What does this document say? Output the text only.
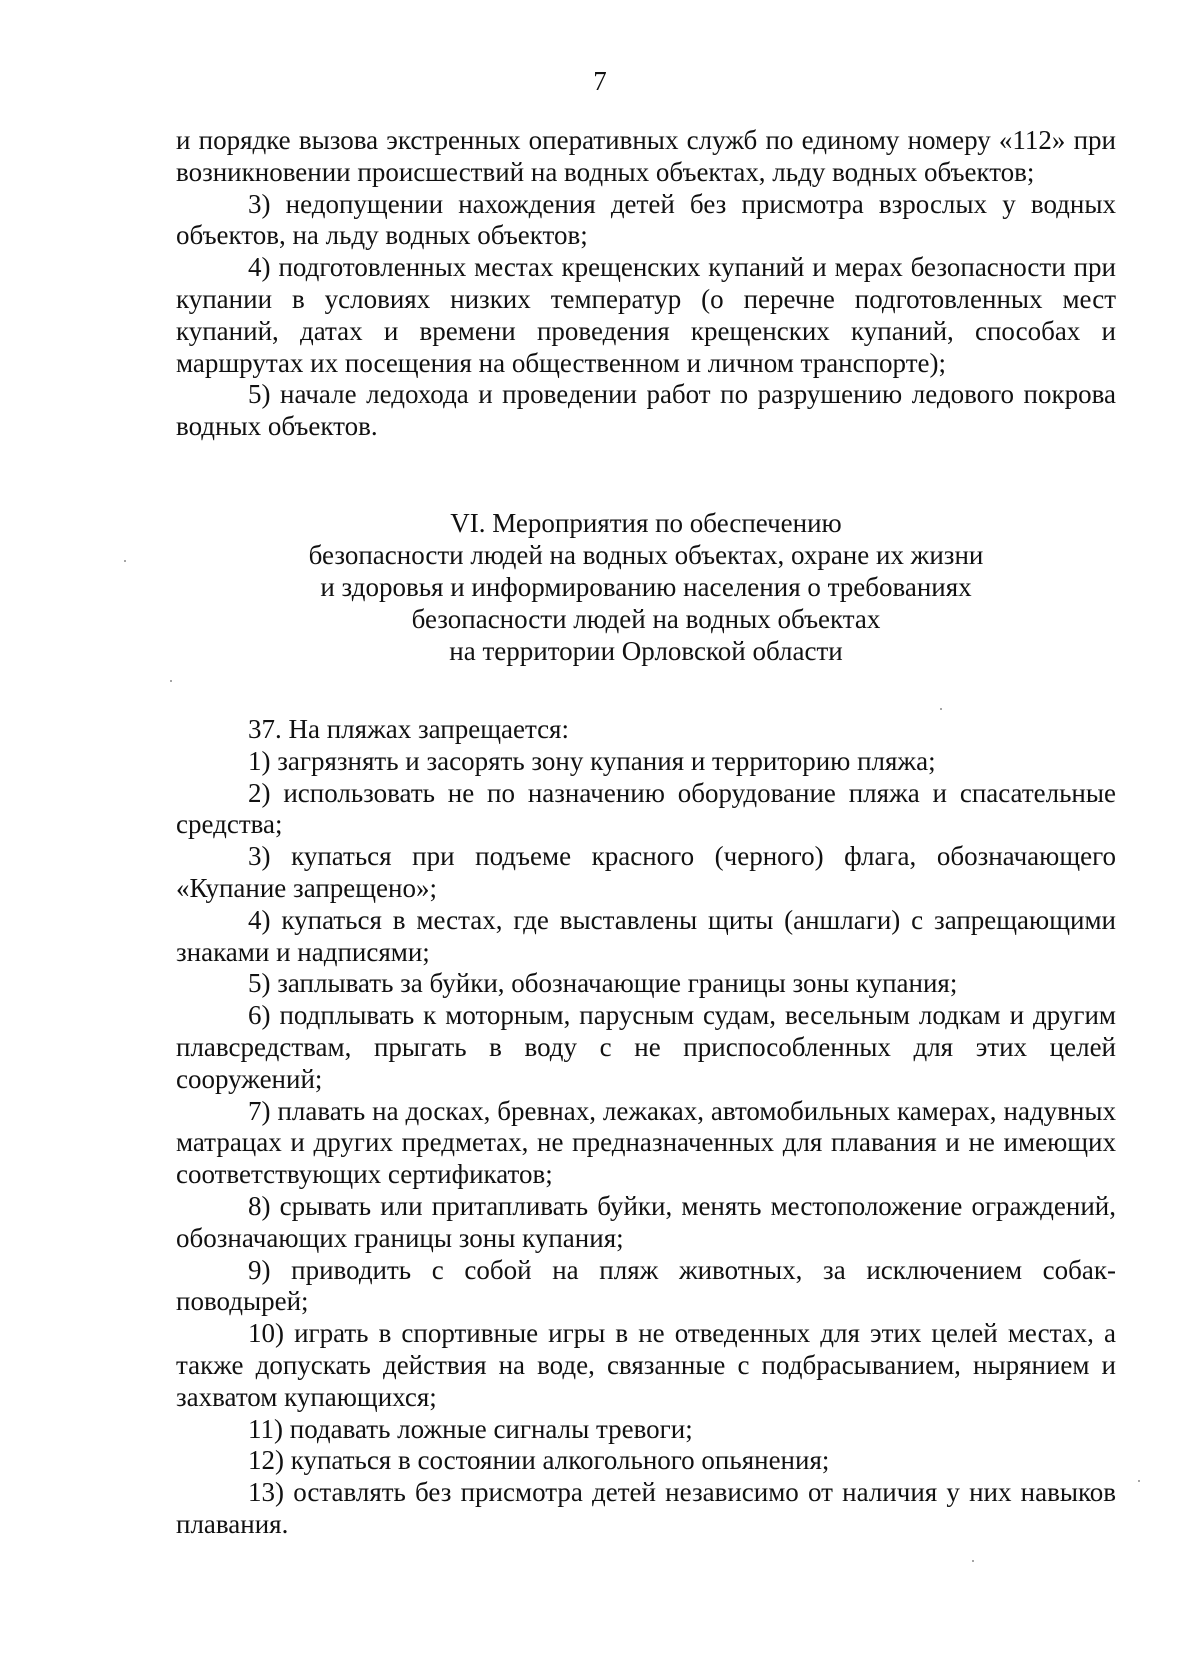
7

и порядке вызова экстренных оперативных служб по единому номеру «112» при возникновении происшествий на водных объектах, льду водных объектов;

3) недопущении нахождения детей без присмотра взрослых у водных объектов, на льду водных объектов;

4) подготовленных местах крещенских купаний и мерах безопасности при купании в условиях низких температур (о перечне подготовленных мест купаний, датах и времени проведения крещенских купаний, способах и маршрутах их посещения на общественном и личном транспорте);

5) начале ледохода и проведении работ по разрушению ледового покрова водных объектов.

VI. Мероприятия по обеспечению
безопасности людей на водных объектах, охране их жизни
и здоровья и информированию населения о требованиях
безопасности людей на водных объектах
на территории Орловской области

37. На пляжах запрещается:

1) загрязнять и засорять зону купания и территорию пляжа;

2) использовать не по назначению оборудование пляжа и спасательные средства;

3) купаться при подъеме красного (черного) флага, обозначающего «Купание запрещено»;

4) купаться в местах, где выставлены щиты (аншлаги) с запрещающими знаками и надписями;

5) заплывать за буйки, обозначающие границы зоны купания;

6) подплывать к моторным, парусным судам, весельным лодкам и другим плавсредствам, прыгать в воду с не приспособленных для этих целей сооружений;

7) плавать на досках, бревнах, лежаках, автомобильных камерах, надувных матрацах и других предметах, не предназначенных для плавания и не имеющих соответствующих сертификатов;

8) срывать или притапливать буйки, менять местоположение ограждений, обозначающих границы зоны купания;

9) приводить с собой на пляж животных, за исключением собак-поводырей;

10) играть в спортивные игры в не отведенных для этих целей местах, а также допускать действия на воде, связанные с подбрасыванием, нырянием и захватом купающихся;

11) подавать ложные сигналы тревоги;

12) купаться в состоянии алкогольного опьянения;

13) оставлять без присмотра детей независимо от наличия у них навыков плавания.
